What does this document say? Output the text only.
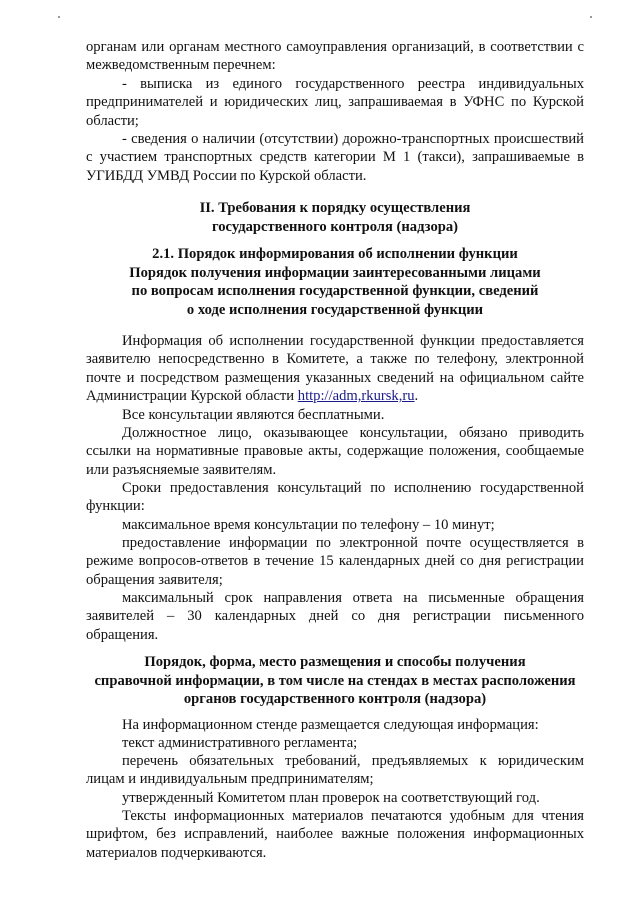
органам или органам местного самоуправления организаций, в соответствии с межведомственным перечнем:

- выписка из единого государственного реестра индивидуальных предпринимателей и юридических лиц, запрашиваемая в УФНС по Курской области;

- сведения о наличии (отсутствии) дорожно-транспортных происшествий с участием транспортных средств категории М 1 (такси), запрашиваемые в УГИБДД УМВД России по Курской области.

II. Требования к порядку осуществления
государственного контроля (надзора)
2.1. Порядок информирования об исполнении функции
Порядок получения информации заинтересованными лицами
по вопросам исполнения государственной функции, сведений
о ходе исполнения государственной функции

Информация об исполнении государственной функции предоставляется заявителю непосредственно в Комитете, а также по телефону, электронной почте и посредством размещения указанных сведений на официальном сайте Администрации Курской области http://adm,rkursk,ru.

Все консультации являются бесплатными.

Должностное лицо, оказывающее консультации, обязано приводить ссылки на нормативные правовые акты, содержащие положения, сообщаемые или разъясняемые заявителям.

Сроки предоставления консультаций по исполнению государственной функции:

максимальное время консультации по телефону – 10 минут;

предоставление информации по электронной почте осуществляется в режиме вопросов-ответов в течение 15 календарных дней со дня регистрации обращения заявителя;

максимальный срок направления ответа на письменные обращения заявителей – 30 календарных дней со дня регистрации письменного обращения.

Порядок, форма, место размещения и способы получения
справочной информации, в том числе на стендах в местах расположения
органов государственного контроля (надзора)

На информационном стенде размещается следующая информация:

текст административного регламента;

перечень обязательных требований, предъявляемых к юридическим лицам и индивидуальным предпринимателям;

утвержденный Комитетом план проверок на соответствующий год.

Тексты информационных материалов печатаются удобным для чтения шрифтом, без исправлений, наиболее важные положения информационных материалов подчеркиваются.
